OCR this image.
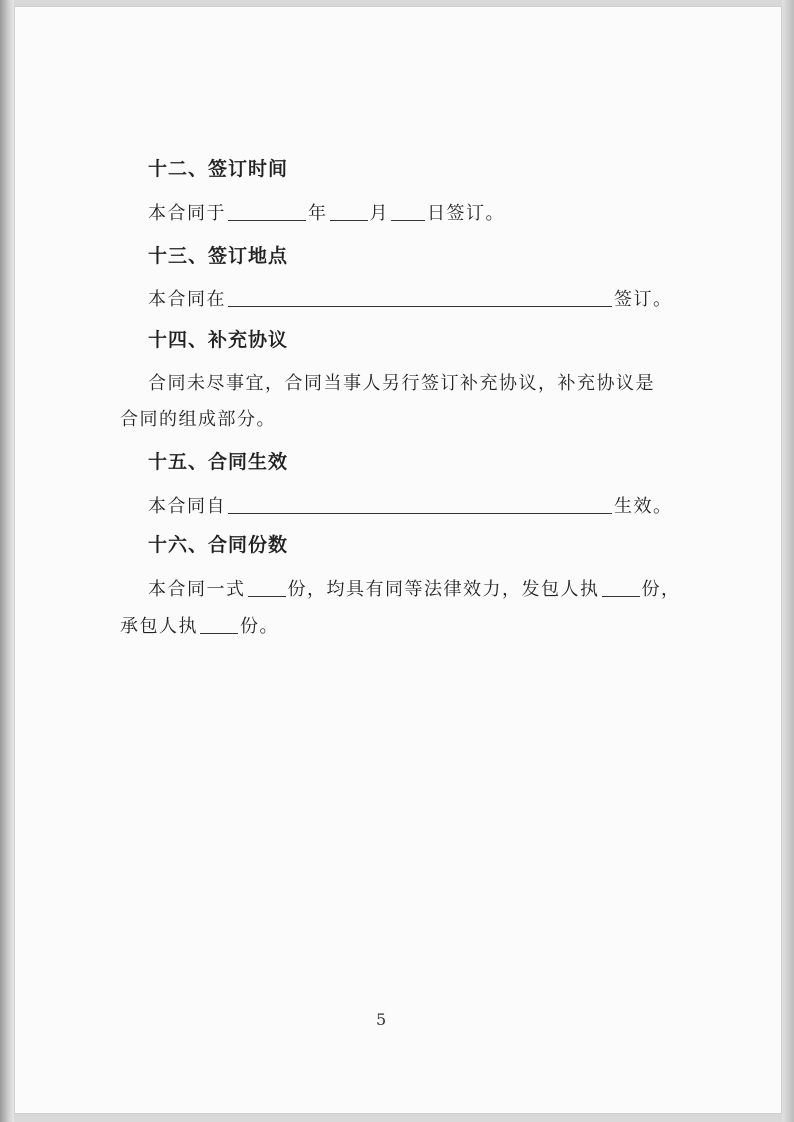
十二、签订时间
本合同于	年 月 日签订。
十三、签订地点
本合同在	签订。
十四、补充协议
合同未尽事宜，合同当事人另行签订补充协议，补充协议是
合同的组成部分。
十五、合同生效
本合同自	生效。
十六、合同份数
本合同一式 份，均具有同等法律效力，发包人执 份，
承包人执 份。
5
